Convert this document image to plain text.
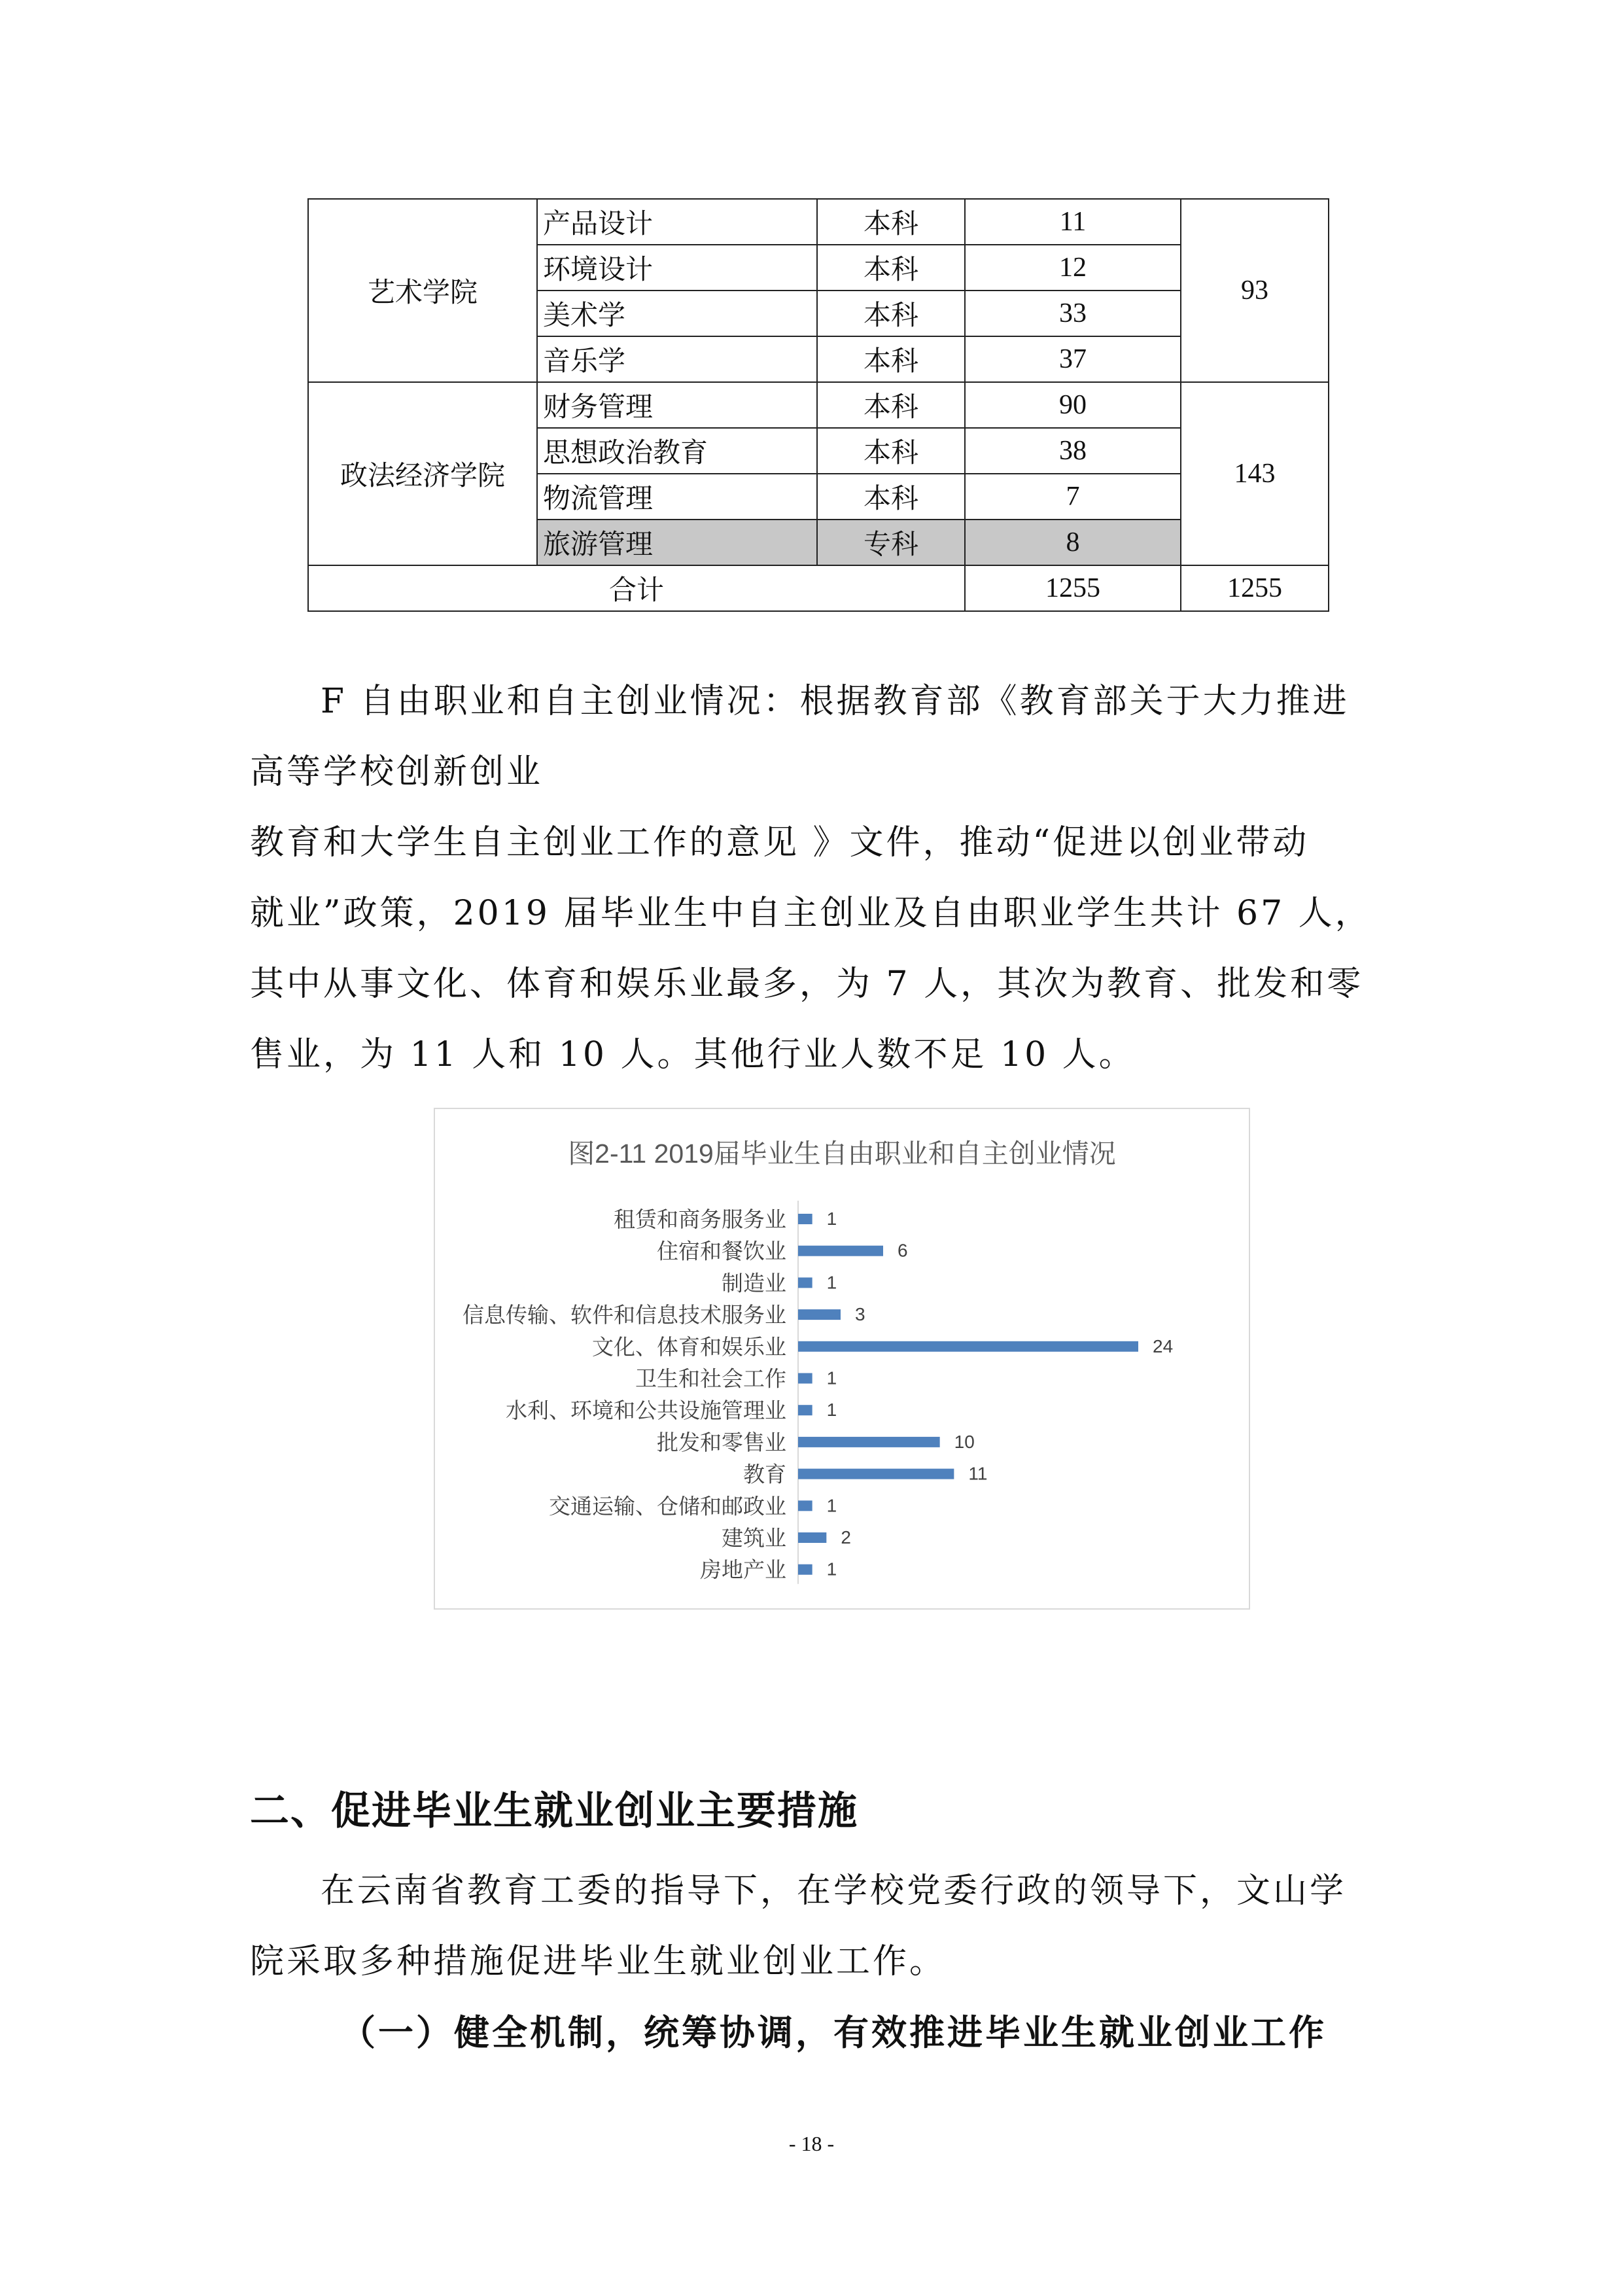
艺术学院	产品设计	本科	11	93
	环境设计	本科	12	
	美术学	本科	33	
	音乐学	本科	37	
政法经济学院	财务管理	本科	90	143
	思想政治教育	本科	38	
	物流管理	本科	7	
	旅游管理	专科	8	
合计			1255	1255
F 自由职业和自主创业情况：根据教育部《教育部关于大力推进
高等学校创新创业
教育和大学生自主创业工作的意见 》文件，推动“促进以创业带动
就业”政策，2019 届毕业生中自主创业及自由职业学生共计 67 人，
其中从事文化、体育和娱乐业最多，为 7 人，其次为教育、批发和零
售业，为 11 人和 10 人。其他行业人数不足 10 人。
图2-11 2019届毕业生自由职业和自主创业情况
租赁和商务服务业 1
住宿和餐饮业	6
制造业 1
信息传输、软件和信息技术服务业	3
文化、体育和娱乐业	24
卫生和社会工作 1
水利、环境和公共设施管理业 1
批发和零售业	10
教育	11
交通运输、仓储和邮政业 1
建筑业	2
房地产业 1
二、促进毕业生就业创业主要措施
在云南省教育工委的指导下，在学校党委行政的领导下，文山学
院采取多种措施促进毕业生就业创业工作。
（一）健全机制，统筹协调，有效推进毕业生就业创业工作
- 18 -
